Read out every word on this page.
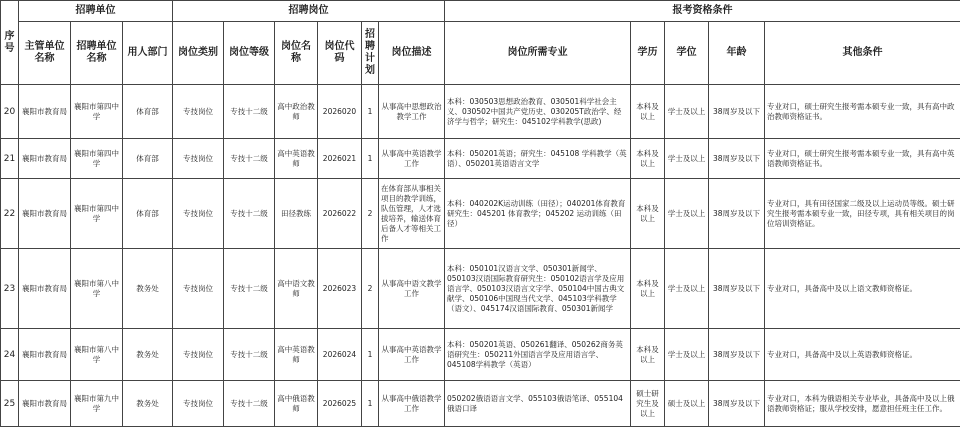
序号	招聘单位			招聘岗位						报考资格条件				
	主管单位名称	招聘单位名称	用人部门	岗位类别	岗位等级	岗位名称	岗位代码	招聘计划	岗位描述	岗位所需专业	学历	学位	年龄	其他条件
20	襄阳市教育局	襄阳市第四中学	体育部	专技岗位	专技十二级	高中政治教师	2026020	1	从事高中思想政治教学工作	本科：030503思想政治教育、030501科学社会主义、030502中国共产党历史、030205T政治学、经济学与哲学；研究生：045102学科教学(思政)	本科及以上	学士及以上	38周岁及以下	专业对口，硕士研究生报考需本硕专业一致，具有高中政治教师资格证书。
21	襄阳市教育局	襄阳市第四中学	体育部	专技岗位	专技十二级	高中英语教师	2026021	1	从事高中英语教学工作	本科：050201英语；研究生：045108 学科教学（英语）、050201英语语言文学	本科及以上	学士及以上	38周岁及以下	专业对口，硕士研究生报考需本硕专业一致，具有高中英语教师资格证书。
22	襄阳市教育局	襄阳市第四中学	体育部	专技岗位	专技十二级	田径教练	2026022	2	在体育部从事相关项目的教学训练，队伍管理，人才选拔培养，输送体育后备人才等相关工作	本科：040202K运动训练（田径）；040201体育教育研究生：045201 体育教学；045202 运动训练（田径）	本科及以上	学士及以上	38周岁及以下	专业对口，具有田径国家二级及以上运动员等级。硕士研究生报考需本硕专业一致，田径专项，具有相关项目的岗位培训资格证。
23	襄阳市教育局	襄阳市第八中学	教务处	专技岗位	专技十二级	高中语文教师	2026023	2	从事高中语文教学工作	本科：050101汉语言文学、050301新闻学、050103汉语国际教育研究生：050102语言学及应用语言学、050103汉语言文字学、050104中国古典文献学、050106中国现当代文学、045103学科教学（语文）、045174汉语国际教育、050301新闻学	本科及以上	学士及以上	38周岁及以下	专业对口，具备高中及以上语文教师资格证。
24	襄阳市教育局	襄阳市第八中学	教务处	专技岗位	专技十二级	高中英语教师	2026024	1	从事高中英语教学工作	本科：050201英语、050261翻译、050262商务英语研究生：050211外国语言学及应用语言学、045108学科教学（英语）	本科及以上	学士及以上	38周岁及以下	专业对口，具备高中及以上英语教师资格证。
25	襄阳市教育局	襄阳市第九中学	教务处	专技岗位	专技十二级	高中俄语教师	2026025	1	从事高中俄语教学工作	050202俄语语言文学、055103俄语笔译、055104俄语口译	硕士研究生及以上	硕士及以上	38周岁及以下	专业对口，本科为俄语相关专业毕业，具备高中及以上俄语教师资格证；服从学校安排，愿意担任班主任工作。
